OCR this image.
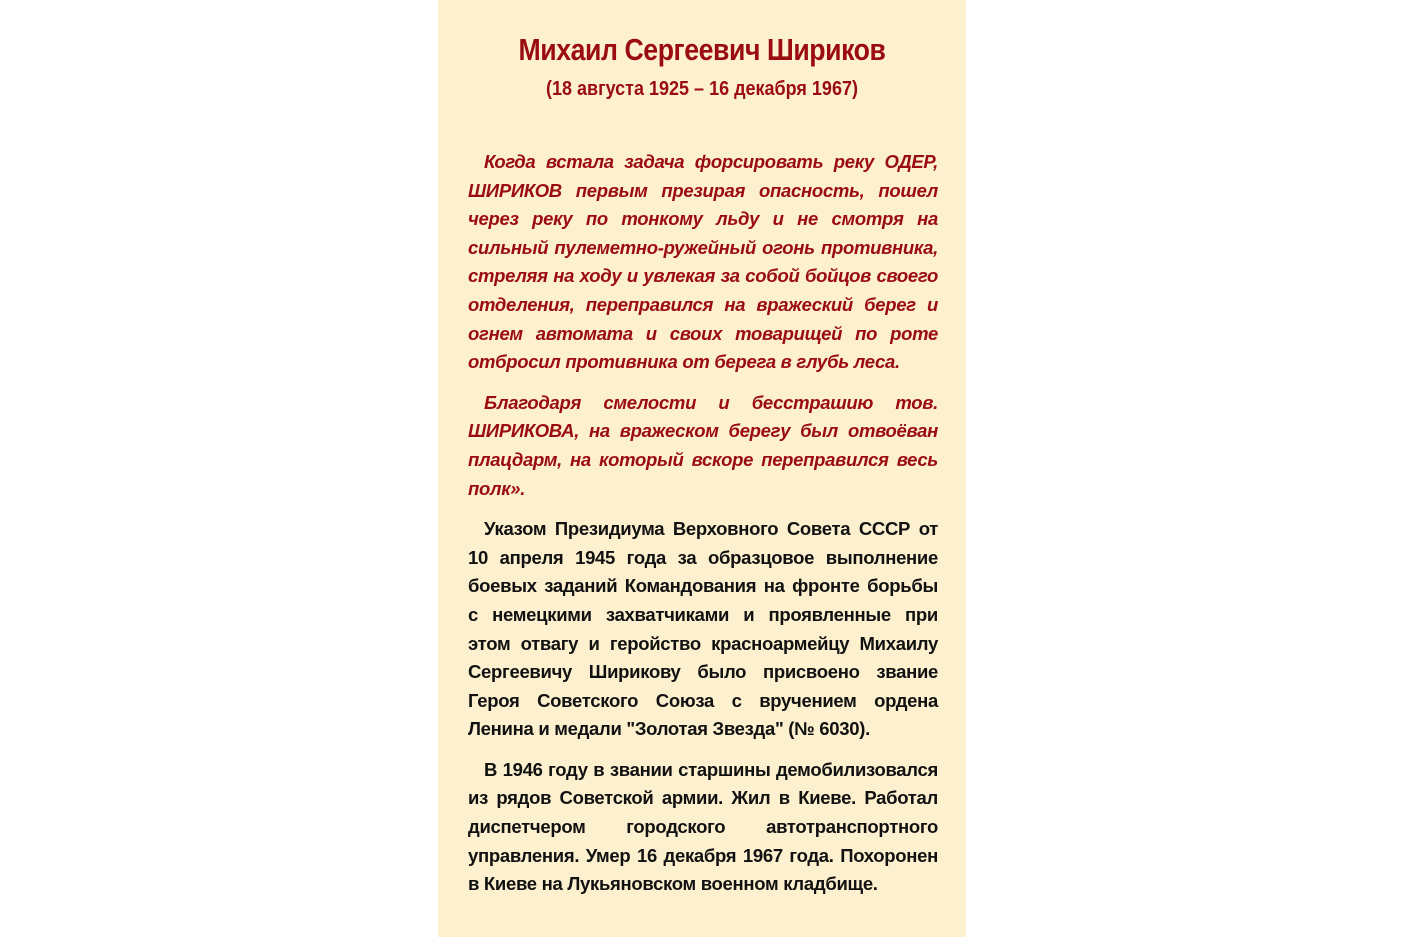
Михаил Сергеевич Шириков
(18 августа 1925 – 16 декабря 1967)

Когда встала задача форсировать реку ОДЕР, ШИРИКОВ первым презирая опасность, пошел через реку по тонкому льду и не смотря на сильный пулеметно-ружейный огонь противника, стреляя на ходу и увлекая за собой бойцов своего отделения, переправился на вражеский берег и огнем автомата и своих товарищей по роте отбросил противника от берега в глубь леса.

Благодаря смелости и бесстрашию тов. ШИРИКОВА, на вражеском берегу был отвоёван плацдарм, на который вскоре переправился весь полк».

Указом Президиума Верховного Совета СССР от 10 апреля 1945 года за образцовое выполнение боевых заданий Командования на фронте борьбы с немецкими захватчиками и проявленные при этом отвагу и геройство красноармейцу Михаилу Сергеевичу Ширикову было присвоено звание Героя Советского Союза с вручением ордена Ленина и медали "Золотая Звезда" (№ 6030).

В 1946 году в звании старшины демобилизовался из рядов Советской армии. Жил в Киеве. Работал диспетчером городского автотранспортного управления. Умер 16 декабря 1967 года. Похоронен в Киеве на Лукьяновском военном кладбище.
